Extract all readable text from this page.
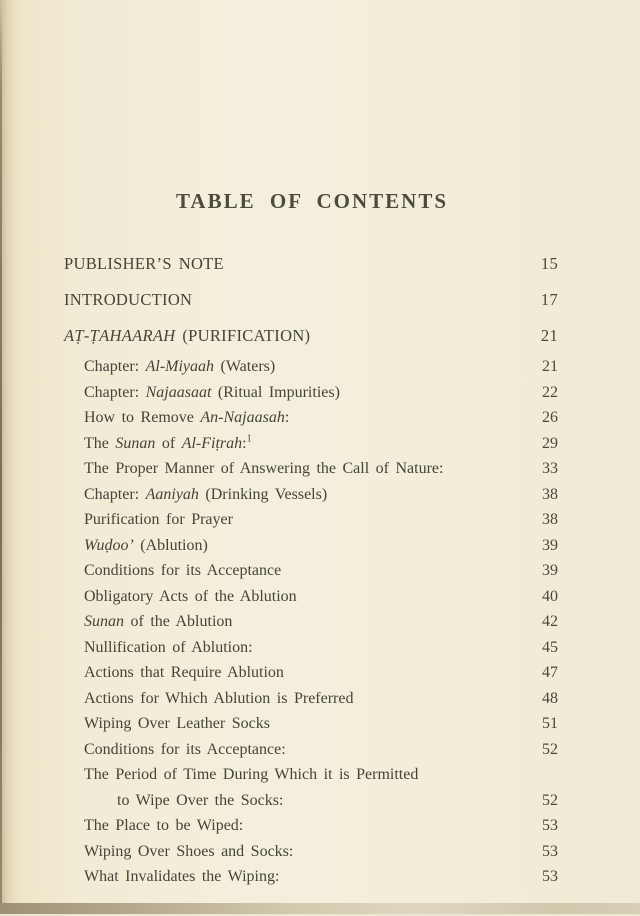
TABLE OF CONTENTS
PUBLISHER’S NOTE	15
INTRODUCTION	17
AṬ-ṬAHAARAH (PURIFICATION)	21
Chapter: Al-Miyaah (Waters)	21
Chapter: Najaasaat (Ritual Impurities)	22
How to Remove An-Najaasah:	26
The Sunan of Al-Fiṭrah:$^1$	29
The Proper Manner of Answering the Call of Nature:	33
Chapter: Aaniyah (Drinking Vessels)	38
Purification for Prayer	38
Wuḍoo’ (Ablution)	39
Conditions for its Acceptance	39
Obligatory Acts of the Ablution	40
Sunan of the Ablution	42
Nullification of Ablution:	45
Actions that Require Ablution	47
Actions for Which Ablution is Preferred	48
Wiping Over Leather Socks	51
Conditions for its Acceptance:	52
The Period of Time During Which it is Permitted
to Wipe Over the Socks:	52
The Place to be Wiped:	53
Wiping Over Shoes and Socks:	53
What Invalidates the Wiping:	53
